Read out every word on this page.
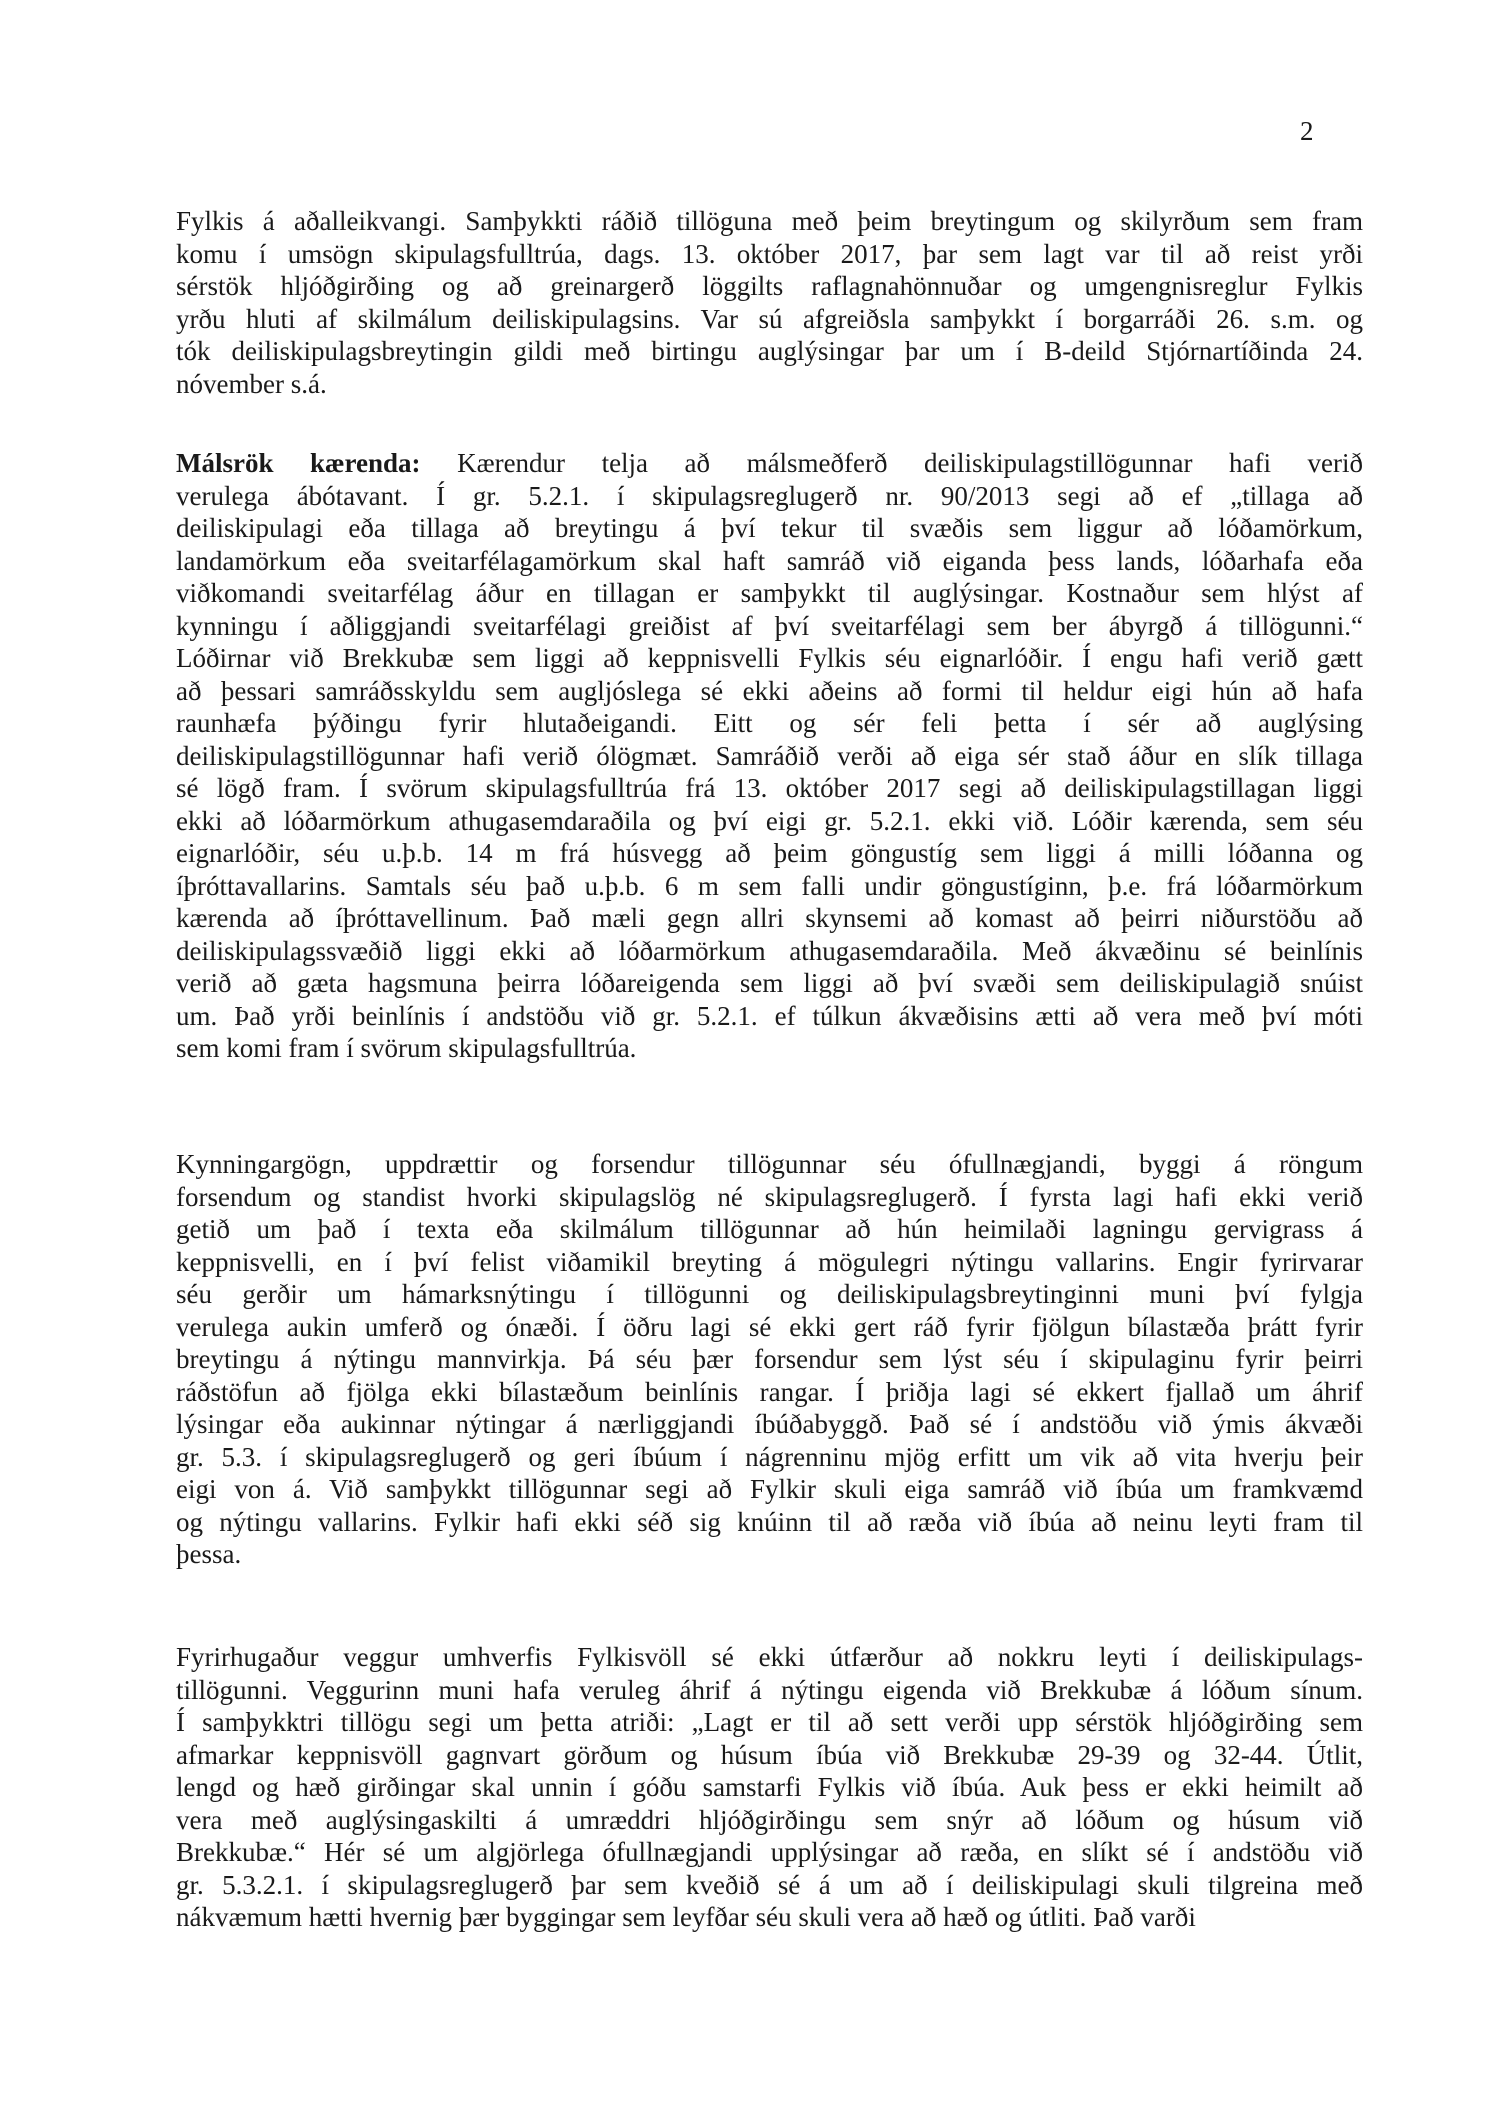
2
Fylkis á aðalleikvangi. Samþykkti ráðið tillöguna með þeim breytingum og skilyrðum sem fram
komu í umsögn skipulagsfulltrúa, dags. 13. október 2017, þar sem lagt var til að reist yrði
sérstök hljóðgirðing og að greinargerð löggilts raflagnahönnuðar og umgengnisreglur Fylkis
yrðu hluti af skilmálum deiliskipulagsins. Var sú afgreiðsla samþykkt í borgarráði 26. s.m. og
tók deiliskipulagsbreytingin gildi með birtingu auglýsingar þar um í B-deild Stjórnartíðinda 24.
nóvember s.á.
Málsrök kærenda: Kærendur telja að málsmeðferð deiliskipulagstillögunnar hafi verið
verulega ábótavant. Í gr. 5.2.1. í skipulagsreglugerð nr. 90/2013 segi að ef „tillaga að
deiliskipulagi eða tillaga að breytingu á því tekur til svæðis sem liggur að lóðamörkum,
landamörkum eða sveitarfélagamörkum skal haft samráð við eiganda þess lands, lóðarhafa eða
viðkomandi sveitarfélag áður en tillagan er samþykkt til auglýsingar. Kostnaður sem hlýst af
kynningu í aðliggjandi sveitarfélagi greiðist af því sveitarfélagi sem ber ábyrgð á tillögunni.“
Lóðirnar við Brekkubæ sem liggi að keppnisvelli Fylkis séu eignarlóðir. Í engu hafi verið gætt
að þessari samráðsskyldu sem augljóslega sé ekki aðeins að formi til heldur eigi hún að hafa
raunhæfa þýðingu fyrir hlutaðeigandi. Eitt og sér feli þetta í sér að auglýsing
deiliskipulagstillögunnar hafi verið ólögmæt. Samráðið verði að eiga sér stað áður en slík tillaga
sé lögð fram. Í svörum skipulagsfulltrúa frá 13. október 2017 segi að deiliskipulagstillagan liggi
ekki að lóðarmörkum athugasemdaraðila og því eigi gr. 5.2.1. ekki við. Lóðir kærenda, sem séu
eignarlóðir, séu u.þ.b. 14 m frá húsvegg að þeim göngustíg sem liggi á milli lóðanna og
íþróttavallarins. Samtals séu það u.þ.b. 6 m sem falli undir göngustíginn, þ.e. frá lóðarmörkum
kærenda að íþróttavellinum. Það mæli gegn allri skynsemi að komast að þeirri niðurstöðu að
deiliskipulagssvæðið liggi ekki að lóðarmörkum athugasemdaraðila. Með ákvæðinu sé beinlínis
verið að gæta hagsmuna þeirra lóðareigenda sem liggi að því svæði sem deiliskipulagið snúist
um. Það yrði beinlínis í andstöðu við gr. 5.2.1. ef túlkun ákvæðisins ætti að vera með því móti
sem komi fram í svörum skipulagsfulltrúa.
Kynningargögn, uppdrættir og forsendur tillögunnar séu ófullnægjandi, byggi á röngum
forsendum og standist hvorki skipulagslög né skipulagsreglugerð. Í fyrsta lagi hafi ekki verið
getið um það í texta eða skilmálum tillögunnar að hún heimilaði lagningu gervigrass á
keppnisvelli, en í því felist viðamikil breyting á mögulegri nýtingu vallarins. Engir fyrirvarar
séu gerðir um hámarksnýtingu í tillögunni og deiliskipulagsbreytinginni muni því fylgja
verulega aukin umferð og ónæði. Í öðru lagi sé ekki gert ráð fyrir fjölgun bílastæða þrátt fyrir
breytingu á nýtingu mannvirkja. Þá séu þær forsendur sem lýst séu í skipulaginu fyrir þeirri
ráðstöfun að fjölga ekki bílastæðum beinlínis rangar. Í þriðja lagi sé ekkert fjallað um áhrif
lýsingar eða aukinnar nýtingar á nærliggjandi íbúðabyggð. Það sé í andstöðu við ýmis ákvæði
gr. 5.3. í skipulagsreglugerð og geri íbúum í nágrenninu mjög erfitt um vik að vita hverju þeir
eigi von á. Við samþykkt tillögunnar segi að Fylkir skuli eiga samráð við íbúa um framkvæmd
og nýtingu vallarins. Fylkir hafi ekki séð sig knúinn til að ræða við íbúa að neinu leyti fram til
þessa.
Fyrirhugaður veggur umhverfis Fylkisvöll sé ekki útfærður að nokkru leyti í deiliskipulags-
tillögunni. Veggurinn muni hafa veruleg áhrif á nýtingu eigenda við Brekkubæ á lóðum sínum.
Í samþykktri tillögu segi um þetta atriði: „Lagt er til að sett verði upp sérstök hljóðgirðing sem
afmarkar keppnisvöll gagnvart görðum og húsum íbúa við Brekkubæ 29-39 og 32-44. Útlit,
lengd og hæð girðingar skal unnin í góðu samstarfi Fylkis við íbúa. Auk þess er ekki heimilt að
vera með auglýsingaskilti á umræddri hljóðgirðingu sem snýr að lóðum og húsum við
Brekkubæ.“ Hér sé um algjörlega ófullnægjandi upplýsingar að ræða, en slíkt sé í andstöðu við
gr. 5.3.2.1. í skipulagsreglugerð þar sem kveðið sé á um að í deiliskipulagi skuli tilgreina með
nákvæmum hætti hvernig þær byggingar sem leyfðar séu skuli vera að hæð og útliti. Það varði
